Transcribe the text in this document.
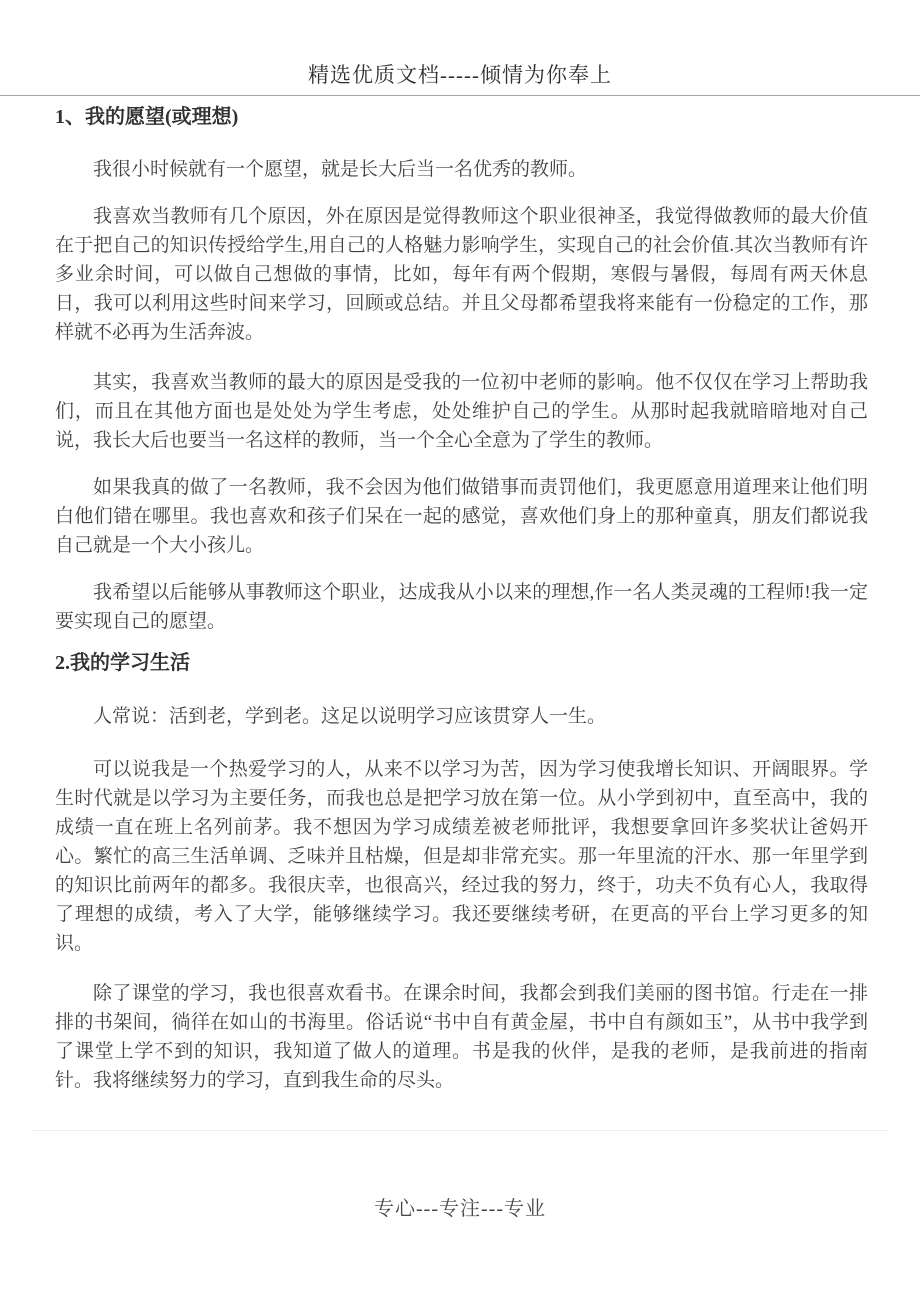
精选优质文档-----倾情为你奉上
1、我的愿望(或理想)

我很小时候就有一个愿望，就是长大后当一名优秀的教师。

我喜欢当教师有几个原因，外在原因是觉得教师这个职业很神圣，我觉得做教师的最大价值在于把自己的知识传授给学生,用自己的人格魅力影响学生，实现自己的社会价值.其次当教师有许多业余时间，可以做自己想做的事情，比如，每年有两个假期，寒假与暑假，每周有两天休息日，我可以利用这些时间来学习，回顾或总结。并且父母都希望我将来能有一份稳定的工作，那样就不必再为生活奔波。

其实，我喜欢当教师的最大的原因是受我的一位初中老师的影响。他不仅仅在学习上帮助我们，而且在其他方面也是处处为学生考虑，处处维护自己的学生。从那时起我就暗暗地对自己说，我长大后也要当一名这样的教师，当一个全心全意为了学生的教师。

如果我真的做了一名教师，我不会因为他们做错事而责罚他们，我更愿意用道理来让他们明白他们错在哪里。我也喜欢和孩子们呆在一起的感觉，喜欢他们身上的那种童真，朋友们都说我自己就是一个大小孩儿。

我希望以后能够从事教师这个职业，达成我从小以来的理想,作一名人类灵魂的工程师!我一定要实现自己的愿望。

2.我的学习生活

人常说：活到老，学到老。这足以说明学习应该贯穿人一生。

可以说我是一个热爱学习的人，从来不以学习为苦，因为学习使我增长知识、开阔眼界。学生时代就是以学习为主要任务，而我也总是把学习放在第一位。从小学到初中，直至高中，我的成绩一直在班上名列前茅。我不想因为学习成绩差被老师批评，我想要拿回许多奖状让爸妈开心。繁忙的高三生活单调、乏味并且枯燥，但是却非常充实。那一年里流的汗水、那一年里学到的知识比前两年的都多。我很庆幸，也很高兴，经过我的努力，终于，功夫不负有心人，我取得了理想的成绩，考入了大学，能够继续学习。我还要继续考研，在更高的平台上学习更多的知识。

除了课堂的学习，我也很喜欢看书。在课余时间，我都会到我们美丽的图书馆。行走在一排排的书架间，徜徉在如山的书海里。俗话说“书中自有黄金屋，书中自有颜如玉”，从书中我学到了课堂上学不到的知识，我知道了做人的道理。书是我的伙伴，是我的老师，是我前进的指南针。我将继续努力的学习，直到我生命的尽头。

专心---专注---专业
